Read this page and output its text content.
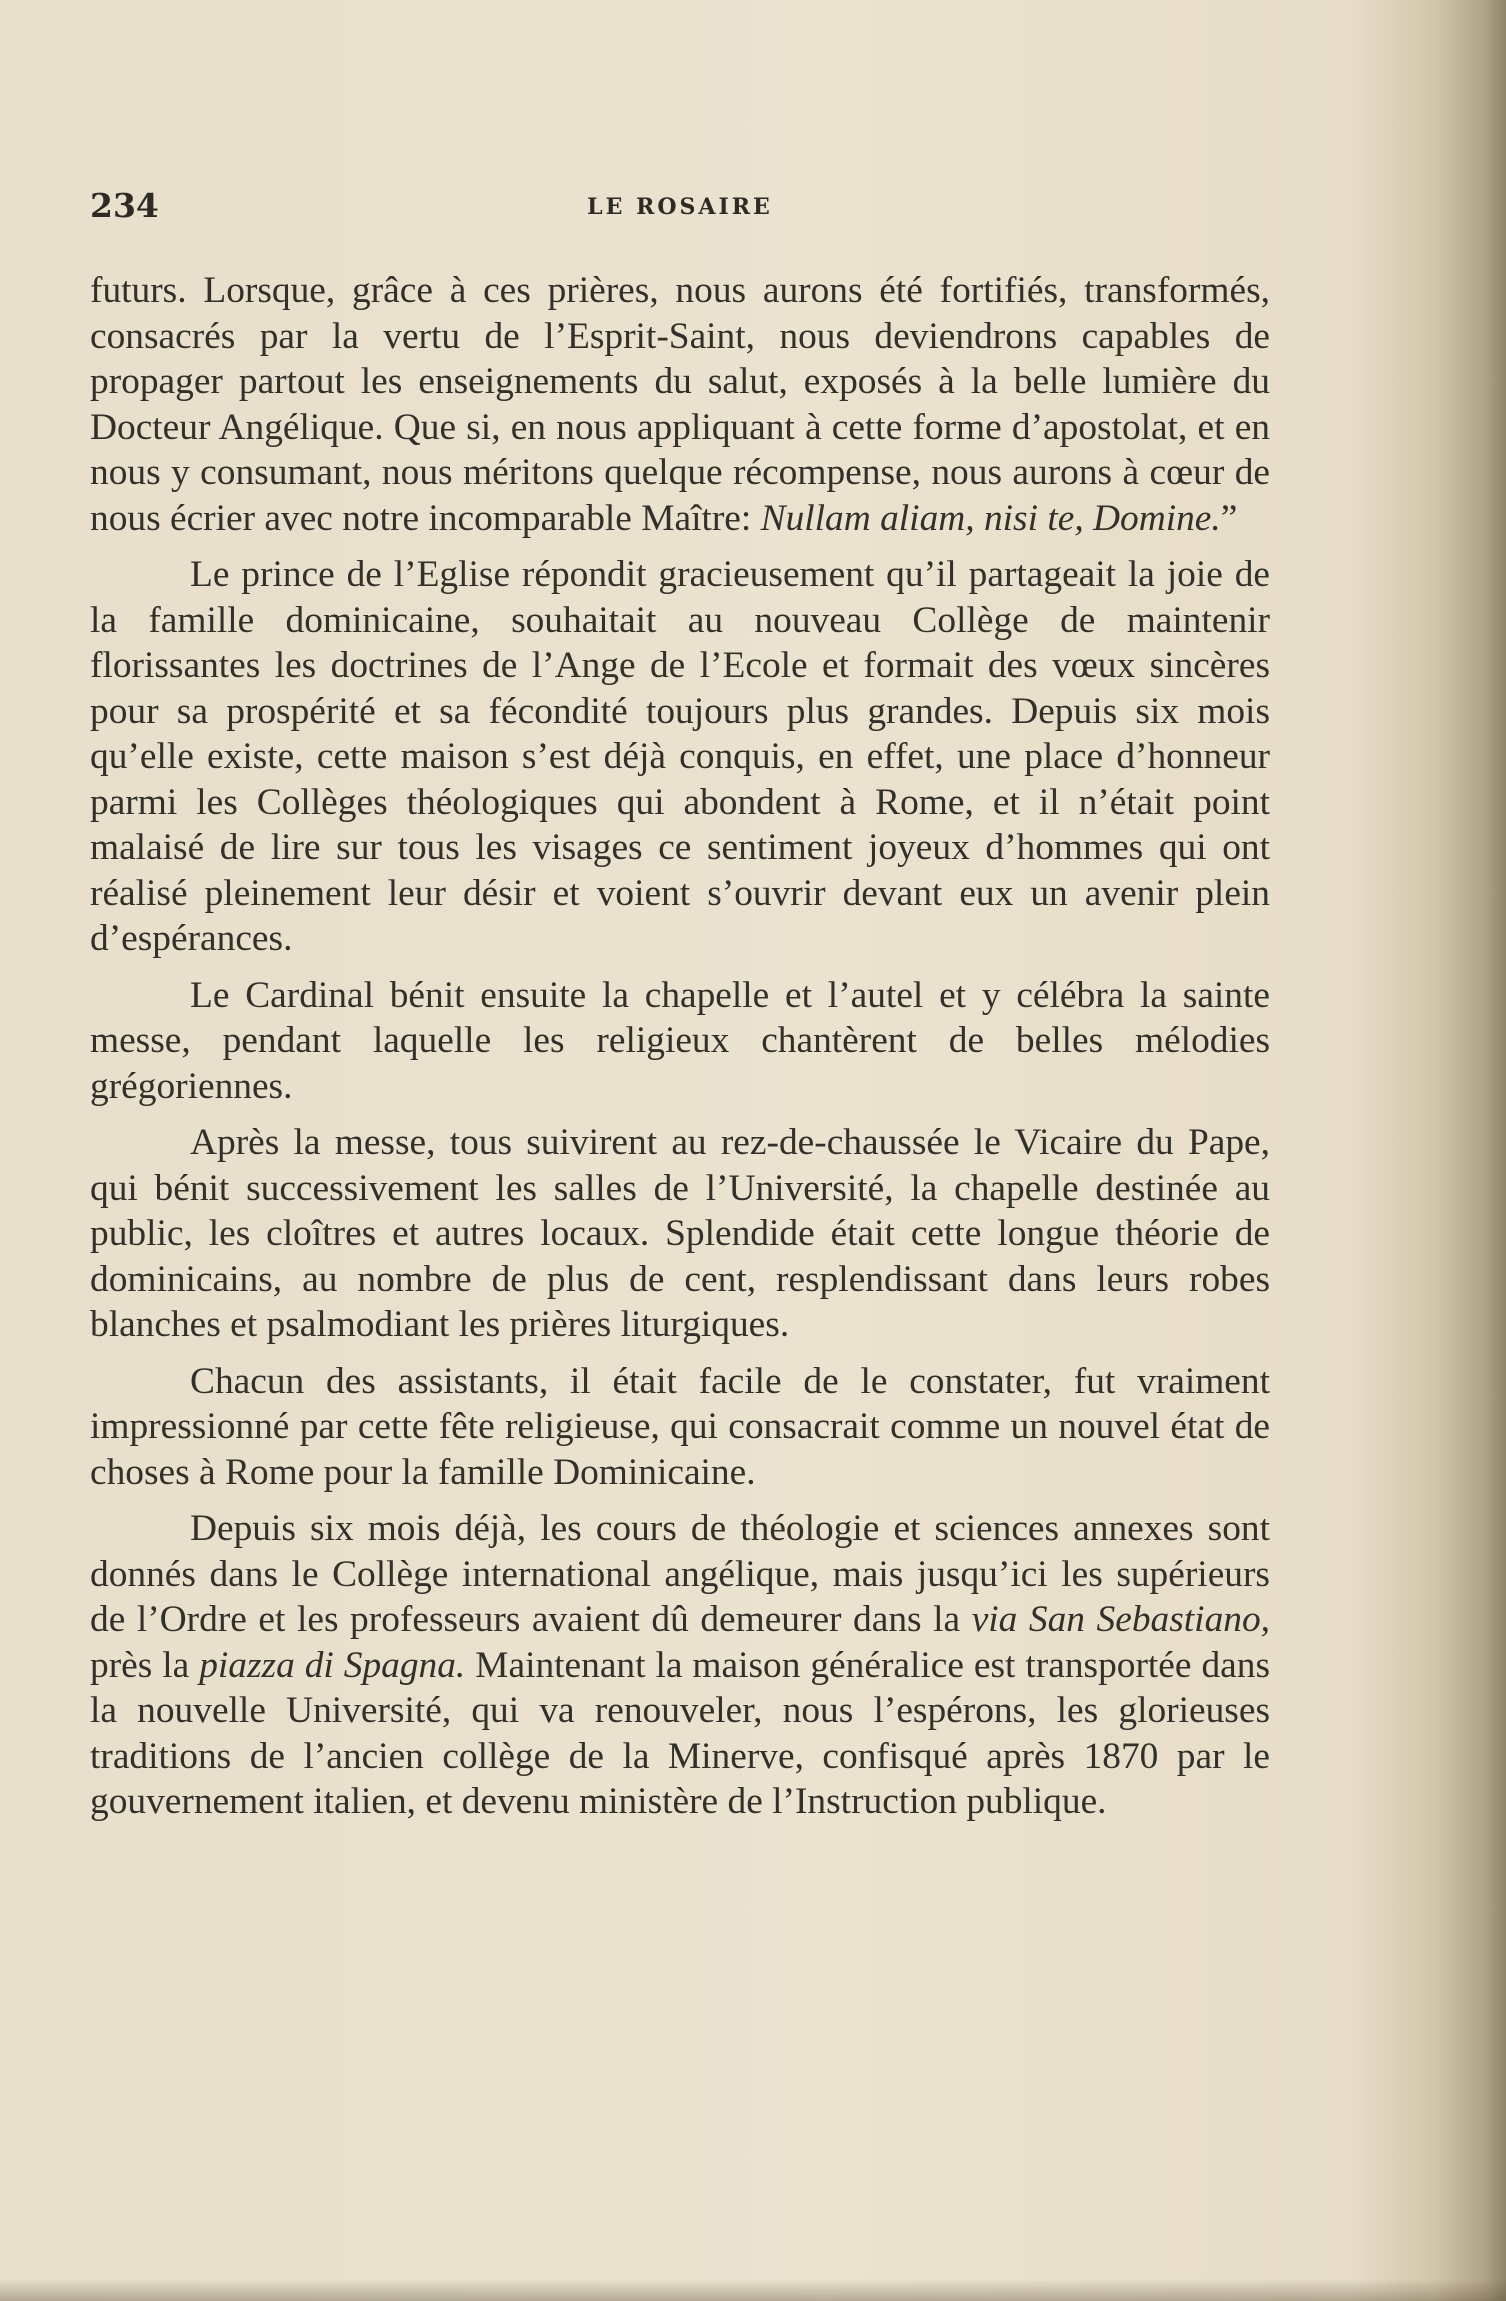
234	LE ROSAIRE

futurs. Lorsque, grâce à ces prières, nous aurons été fortifiés, transformés, consacrés par la vertu de l’Esprit-Saint, nous deviendrons capables de propager partout les enseignements du salut, exposés à la belle lumière du Docteur Angélique. Que si, en nous appliquant à cette forme d’apostolat, et en nous y consumant, nous méritons quelque récompense, nous aurons à cœur de nous écrier avec notre incomparable Maître: Nullam aliam, nisi te, Domine.”

Le prince de l’Eglise répondit gracieusement qu’il partageait la joie de la famille dominicaine, souhaitait au nouveau Collège de maintenir florissantes les doctrines de l’Ange de l’Ecole et formait des vœux sincères pour sa prospérité et sa fécondité toujours plus grandes. Depuis six mois qu’elle existe, cette maison s’est déjà conquis, en effet, une place d’honneur parmi les Collèges théologiques qui abondent à Rome, et il n’était point malaisé de lire sur tous les visages ce sentiment joyeux d’hommes qui ont réalisé pleinement leur désir et voient s’ouvrir devant eux un avenir plein d’espérances.

Le Cardinal bénit ensuite la chapelle et l’autel et y célébra la sainte messe, pendant laquelle les religieux chantèrent de belles mélodies grégoriennes.

Après la messe, tous suivirent au rez-de-chaussée le Vicaire du Pape, qui bénit successivement les salles de l’Université, la chapelle destinée au public, les cloîtres et autres locaux. Splendide était cette longue théorie de dominicains, au nombre de plus de cent, resplendissant dans leurs robes blanches et psalmodiant les prières liturgiques.

Chacun des assistants, il était facile de le constater, fut vraiment impressionné par cette fête religieuse, qui consacrait comme un nouvel état de choses à Rome pour la famille Dominicaine.

Depuis six mois déjà, les cours de théologie et sciences annexes sont donnés dans le Collège international angélique, mais jusqu’ici les supérieurs de l’Ordre et les professeurs avaient dû demeurer dans la via San Sebastiano, près la piazza di Spagna. Maintenant la maison généralice est transportée dans la nouvelle Université, qui va renouveler, nous l’espérons, les glorieuses traditions de l’ancien collège de la Minerve, confisqué après 1870 par le gouvernement italien, et devenu ministère de l’Instruction publique.
